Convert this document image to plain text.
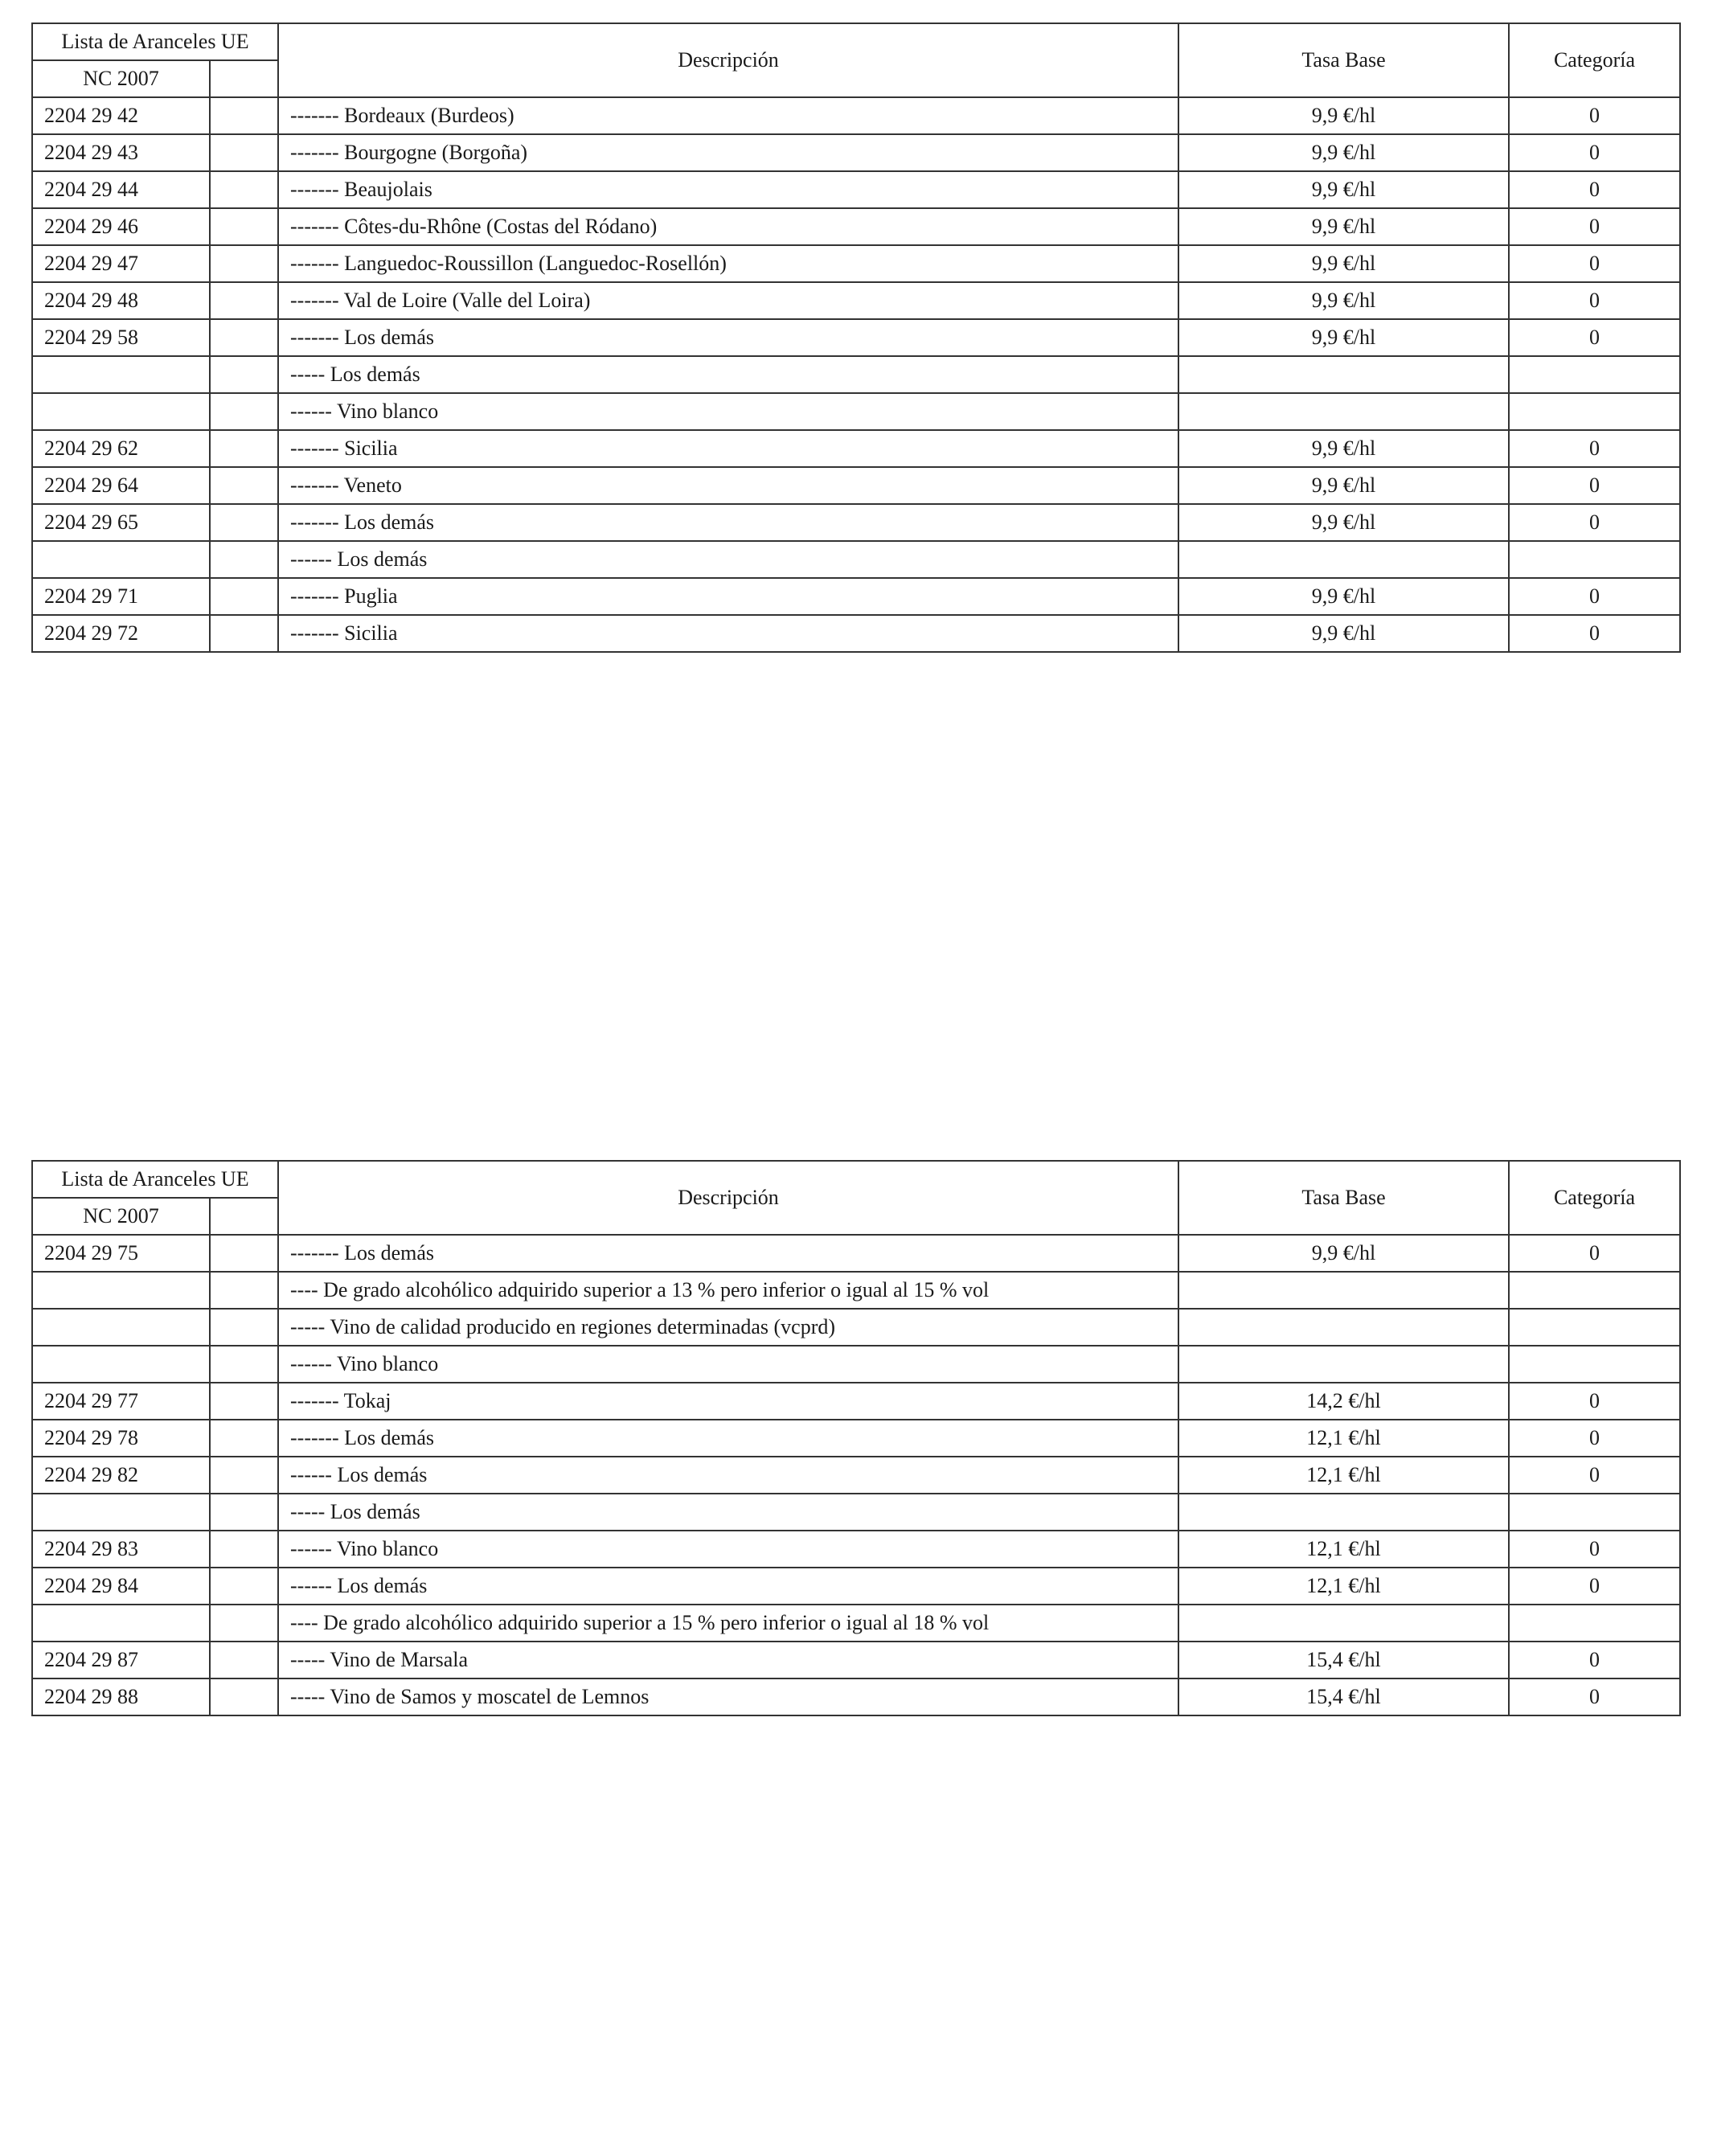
Lista de Aranceles UE		Descripción	Tasa Base	Categoría
NC 2007				
2204 29 42		------- Bordeaux (Burdeos)	9,9 €/hl	0
2204 29 43		------- Bourgogne (Borgoña)	9,9 €/hl	0
2204 29 44		------- Beaujolais	9,9 €/hl	0
2204 29 46		------- Côtes-du-Rhône (Costas del Ródano)	9,9 €/hl	0
2204 29 47		------- Languedoc-Roussillon (Languedoc-Rosellón)	9,9 €/hl	0
2204 29 48		------- Val de Loire (Valle del Loira)	9,9 €/hl	0
2204 29 58		------- Los demás	9,9 €/hl	0
		----- Los demás		
		------ Vino blanco		
2204 29 62		------- Sicilia	9,9 €/hl	0
2204 29 64		------- Veneto	9,9 €/hl	0
2204 29 65		------- Los demás	9,9 €/hl	0
		------ Los demás		
2204 29 71		------- Puglia	9,9 €/hl	0
2204 29 72		------- Sicilia	9,9 €/hl	0
Lista de Aranceles UE		Descripción	Tasa Base	Categoría
NC 2007				
2204 29 75		------- Los demás	9,9 €/hl	0
		---- De grado alcohólico adquirido superior a 13 % pero inferior o igual al 15 % vol		
		----- Vino de calidad producido en regiones determinadas (vcprd)		
		------ Vino blanco		
2204 29 77		------- Tokaj	14,2 €/hl	0
2204 29 78		------- Los demás	12,1 €/hl	0
2204 29 82		------ Los demás	12,1 €/hl	0
		----- Los demás		
2204 29 83		------ Vino blanco	12,1 €/hl	0
2204 29 84		------ Los demás	12,1 €/hl	0
		---- De grado alcohólico adquirido superior a 15 % pero inferior o igual al 18 % vol		
2204 29 87		----- Vino de Marsala	15,4 €/hl	0
2204 29 88		----- Vino de Samos y moscatel de Lemnos	15,4 €/hl	0
